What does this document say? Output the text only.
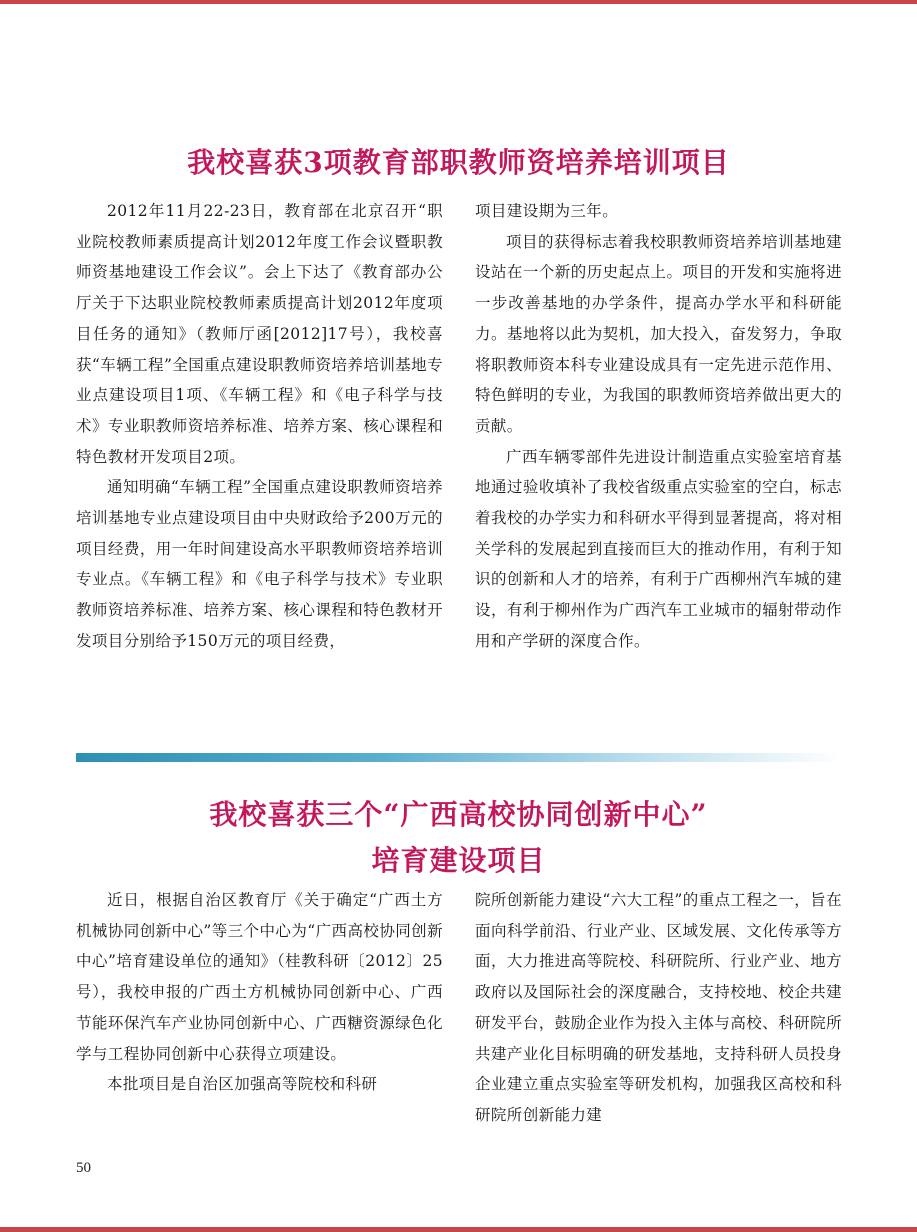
我校喜获3项教育部职教师资培养培训项目

2012年11月22-23日，教育部在北京召开“职业院校教师素质提高计划2012年度工作会议暨职教师资基地建设工作会议”。会上下达了《教育部办公厅关于下达职业院校教师素质提高计划2012年度项目任务的通知》（教师厅函[2012]17号），我校喜获“车辆工程”全国重点建设职教师资培养培训基地专业点建设项目1项、《车辆工程》和《电子科学与技术》专业职教师资培养标准、培养方案、核心课程和特色教材开发项目2项。

通知明确“车辆工程”全国重点建设职教师资培养培训基地专业点建设项目由中央财政给予200万元的项目经费，用一年时间建设高水平职教师资培养培训专业点。《车辆工程》和《电子科学与技术》专业职教师资培养标准、培养方案、核心课程和特色教材开发项目分别给予150万元的项目经费，

项目建设期为三年。

项目的获得标志着我校职教师资培养培训基地建设站在一个新的历史起点上。项目的开发和实施将进一步改善基地的办学条件，提高办学水平和科研能力。基地将以此为契机，加大投入，奋发努力，争取将职教师资本科专业建设成具有一定先进示范作用、特色鲜明的专业，为我国的职教师资培养做出更大的贡献。

广西车辆零部件先进设计制造重点实验室培育基地通过验收填补了我校省级重点实验室的空白，标志着我校的办学实力和科研水平得到显著提高，将对相关学科的发展起到直接而巨大的推动作用，有利于知识的创新和人才的培养，有利于广西柳州汽车城的建设，有利于柳州作为广西汽车工业城市的辐射带动作用和产学研的深度合作。

我校喜获三个“广西高校协同创新中心”
培育建设项目

近日，根据自治区教育厅《关于确定“广西土方机械协同创新中心”等三个中心为“广西高校协同创新中心”培育建设单位的通知》（桂教科研〔2012〕25号），我校申报的广西土方机械协同创新中心、广西节能环保汽车产业协同创新中心、广西糖资源绿色化学与工程协同创新中心获得立项建设。

本批项目是自治区加强高等院校和科研

院所创新能力建设“六大工程”的重点工程之一，旨在面向科学前沿、行业产业、区域发展、文化传承等方面，大力推进高等院校、科研院所、行业产业、地方政府以及国际社会的深度融合，支持校地、校企共建研发平台，鼓励企业作为投入主体与高校、科研院所共建产业化目标明确的研发基地，支持科研人员投身企业建立重点实验室等研发机构，加强我区高校和科研院所创新能力建

50
